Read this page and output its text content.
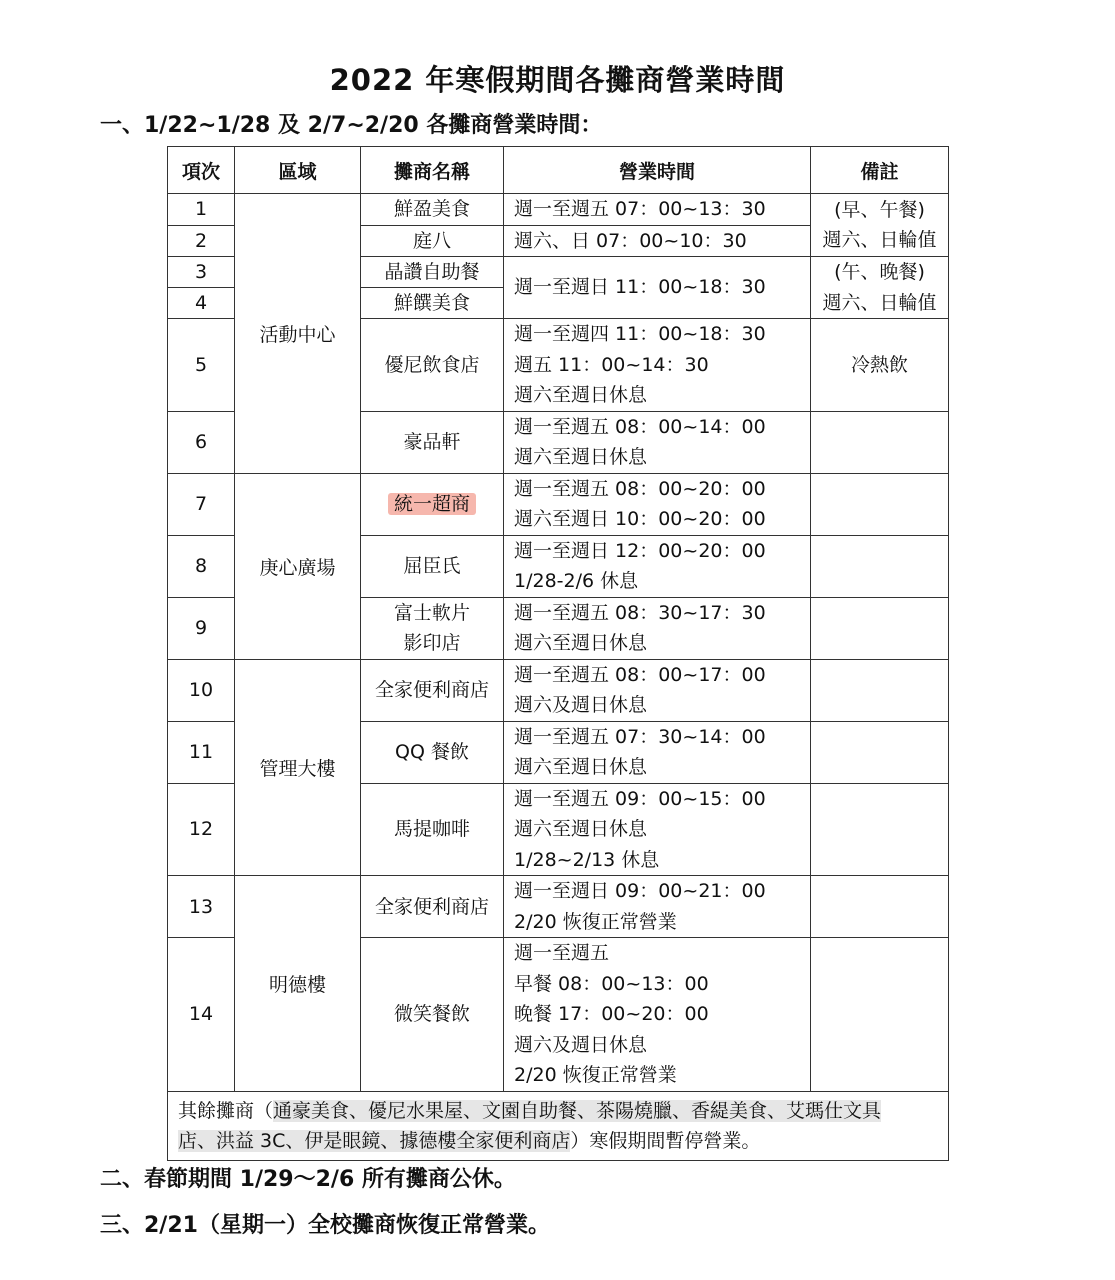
2022 年寒假期間各攤商營業時間
一、1/22~1/28 及 2/7~2/20 各攤商營業時間：
項次	區域	攤商名稱	營業時間	備註
1	活動中心	鮮盈美食	週一至週五 07：00~13：30	(早、午餐)
週六、日輪值

2		庭八	週六、日 07：00~10：30	
3		晶讚自助餐	週一至週日 11：00~18：30	(午、晚餐)
週六、日輪值

4		鮮饌美食		
5		優尼飲食店	週一至週四 11：00~18：30
週五 11：00~14：30
週六至週日休息	冷熱飲
6		豪品軒	週一至週五 08：00~14：00
週六至週日休息	

7	庚心廣場	統一超商	週一至週五 08：00~20：00
週六至週日 10：00~20：00	

8		屈臣氏	週一至週日 12：00~20：00
1/28-2/6 休息	

9		富士軟片
影印店	週一至週五 08：30~17：30
週六至週日休息	

10	管理大樓	全家便利商店	週一至週五 08：00~17：00
週六及週日休息	

11		QQ 餐飲	週一至週五 07：30~14：00
週六至週日休息	

12		馬提咖啡	週一至週五 09：00~15：00
週六至週日休息
1/28~2/13 休息	

13	明德樓	全家便利商店	週一至週日 09：00~21：00
2/20 恢復正常營業	

14		微笑餐飲	週一至週五
早餐 08：00~13：00
晚餐 17：00~20：00
週六及週日休息
2/20 恢復正常營業	

其餘攤商（通豪美食、優尼水果屋、文園自助餐、茶陽燒臘、香緹美食、艾瑪仕文具
店、洪益 3C、伊是眼鏡、據德樓全家便利商店）寒假期間暫停營業。				
二、春節期間 1/29～2/6 所有攤商公休。
三、2/21（星期一）全校攤商恢復正常營業。
